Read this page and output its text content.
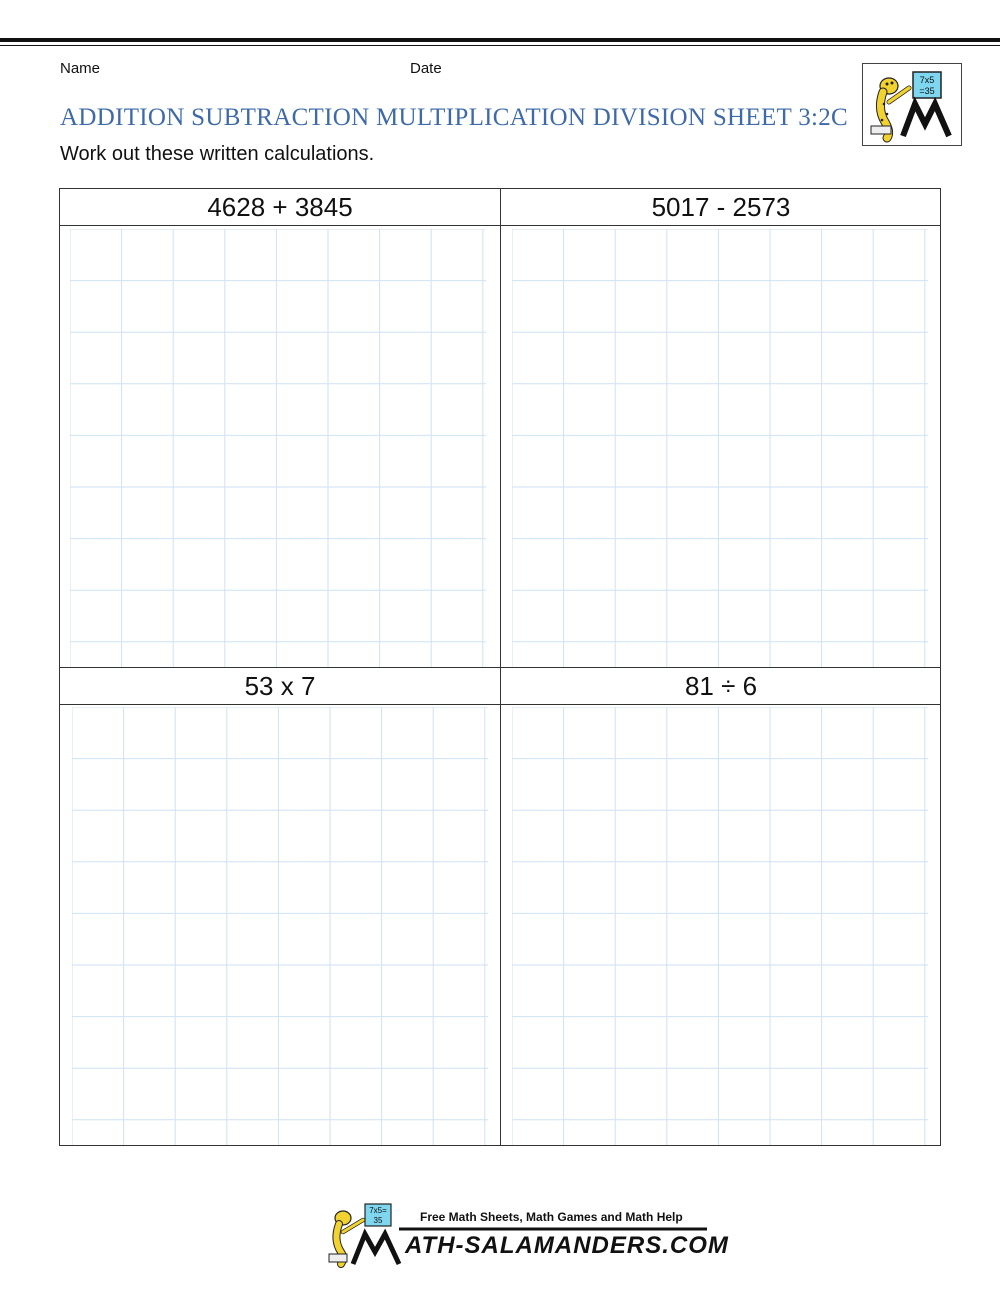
Name	Date
ADDITION SUBTRACTION MULTIPLICATION DIVISION SHEET 3:2C
Work out these written calculations.
7x5
=35
4628 + 3845	5017 - 2573
53 x 7	81 ÷ 6
7x5=
35	Free Math Sheets, Math Games and Math Help
ATH-SALAMANDERS.COM
